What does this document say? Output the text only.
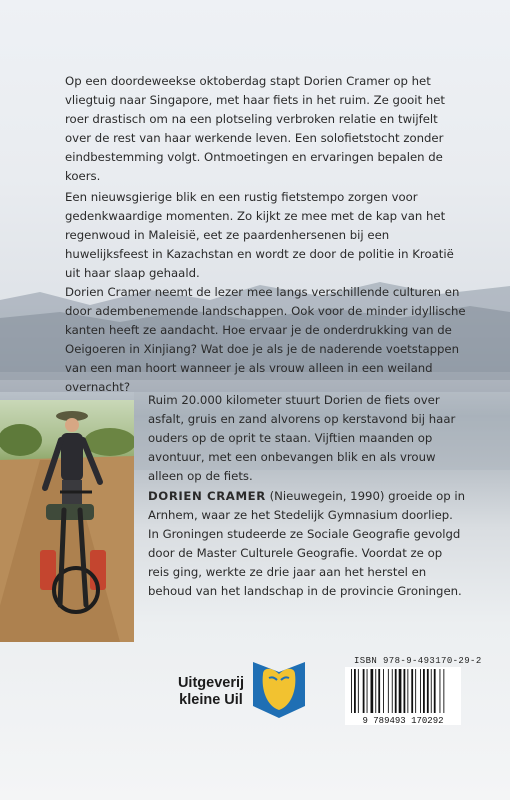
Op een doordeweekse oktoberdag stapt Dorien Cramer op het vliegtuig naar Singapore, met haar fiets in het ruim. Ze gooit het roer drastisch om na een plotseling verbroken relatie en twijfelt over de rest van haar werkende leven. Een solofietstocht zonder eindbestemming volgt. Ontmoetingen en ervaringen bepalen de koers.

Een nieuwsgierige blik en een rustig fietstempo zorgen voor gedenkwaardige momenten. Zo kijkt ze mee met de kap van het regenwoud in Maleisië, eet ze paardenhersenen bij een huwelijksfeest in Kazachstan en wordt ze door de politie in Kroatië uit haar slaap gehaald.

Dorien Cramer neemt de lezer mee langs verschillende culturen en door adembenemende landschappen. Ook voor de minder idyllische kanten heeft ze aandacht. Hoe ervaar je de onderdrukking van de Oeigoeren in Xinjiang? Wat doe je als je de naderende voetstappen van een man hoort wanneer je als vrouw alleen in een weiland overnacht?

Ruim 20.000 kilometer stuurt Dorien de fiets over asfalt, gruis en zand alvorens op kerstavond bij haar ouders op de oprit te staan. Vijftien maanden op avontuur, met een onbevangen blik en als vrouw alleen op de fiets.

DORIEN CRAMER (Nieuwegein, 1990) groeide op in Arnhem, waar ze het Stedelijk Gymnasium doorliep. In Groningen studeerde ze Sociale Geografie gevolgd door de Master Culturele Geografie. Voordat ze op reis ging, werkte ze drie jaar aan het herstel en behoud van het landschap in de provincie Groningen.

Uitgeverij
kleine Uil
ISBN 978-9-493170-29-2
9 789493 170292
